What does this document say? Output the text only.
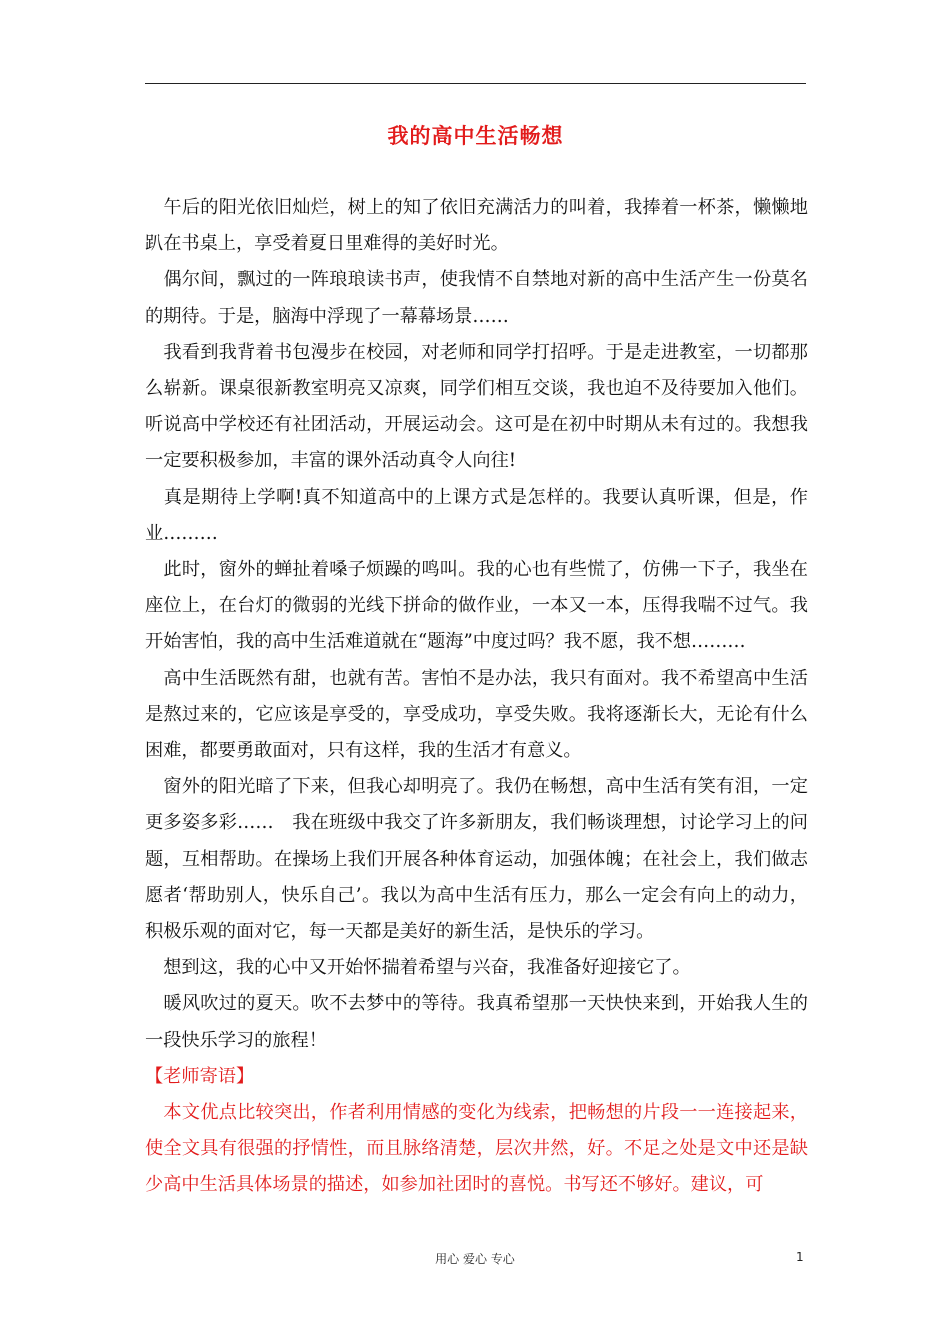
我的高中生活畅想

　午后的阳光依旧灿烂，树上的知了依旧充满活力的叫着，我捧着一杯茶，懒懒地趴在书桌上，享受着夏日里难得的美好时光。

　偶尔间，飘过的一阵琅琅读书声，使我情不自禁地对新的高中生活产生一份莫名的期待。于是，脑海中浮现了一幕幕场景……

　我看到我背着书包漫步在校园，对老师和同学打招呼。于是走进教室，一切都那么崭新。课桌很新教室明亮又凉爽，同学们相互交谈，我也迫不及待要加入他们。听说高中学校还有社团活动，开展运动会。这可是在初中时期从未有过的。我想我一定要积极参加，丰富的课外活动真令人向往!

　真是期待上学啊!真不知道高中的上课方式是怎样的。我要认真听课，但是，作业………

　此时，窗外的蝉扯着嗓子烦躁的鸣叫。我的心也有些慌了，仿佛一下子，我坐在座位上，在台灯的微弱的光线下拼命的做作业，一本又一本，压得我喘不过气。我开始害怕，我的高中生活难道就在“题海”中度过吗？我不愿，我不想………

　高中生活既然有甜，也就有苦。害怕不是办法，我只有面对。我不希望高中生活是熬过来的，它应该是享受的，享受成功，享受失败。我将逐渐长大，无论有什么困难，都要勇敢面对，只有这样，我的生活才有意义。

　窗外的阳光暗了下来，但我心却明亮了。我仍在畅想，高中生活有笑有泪，一定更多姿多彩……　我在班级中我交了许多新朋友，我们畅谈理想，讨论学习上的问题，互相帮助。在操场上我们开展各种体育运动，加强体魄；在社会上，我们做志愿者‘帮助别人，快乐自己’。我以为高中生活有压力，那么一定会有向上的动力，积极乐观的面对它，每一天都是美好的新生活，是快乐的学习。

　想到这，我的心中又开始怀揣着希望与兴奋，我准备好迎接它了。

　暖风吹过的夏天。吹不去梦中的等待。我真希望那一天快快来到，开始我人生的一段快乐学习的旅程！

【老师寄语】

　本文优点比较突出，作者利用情感的变化为线索，把畅想的片段一一连接起来，使全文具有很强的抒情性，而且脉络清楚，层次井然，好。不足之处是文中还是缺少高中生活具体场景的描述，如参加社团时的喜悦。书写还不够好。建议，可

用心 爱心 专心	1
